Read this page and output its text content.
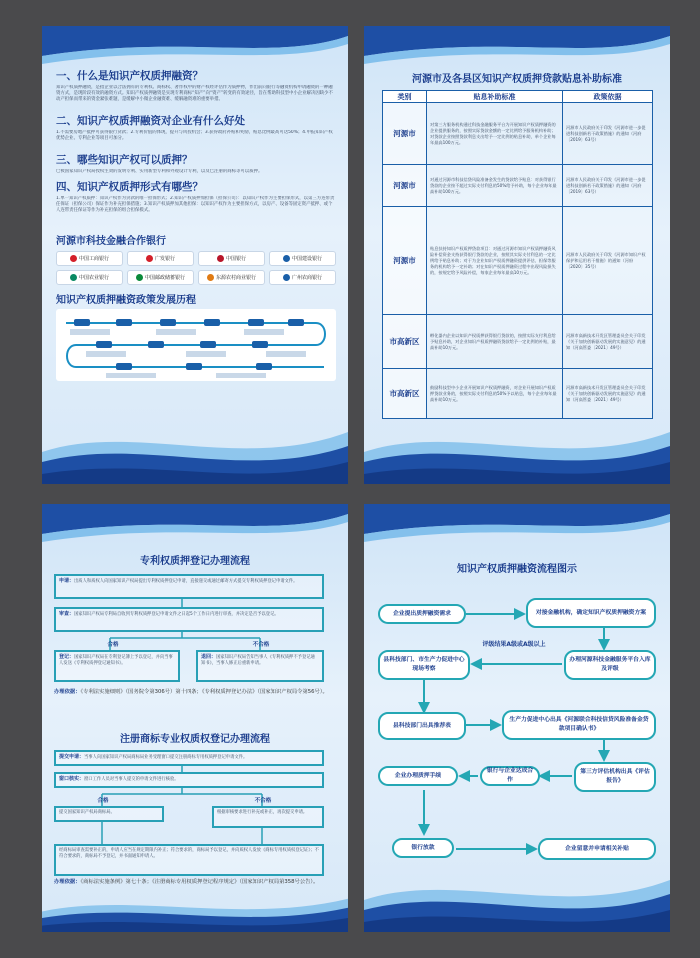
一、什么是知识产权质押融资？
知识产权质押融资，是指企业以合法拥有的专利权、商标权、著作权中的财产权经评估作为质押物，作出前向银行等融资机构申请融资的一种融资方式，是现阶段有效的融资方式。知识产权质押融资是实现专利商标“知产”向“资产”转变的有效途径，旨在帮助科技型中小企业解决因缺少不动产担保而带来的资金紧张难题，是缓解中小微企业融资难、缓解融资难的重要举措。
二、知识产权质押融资对企业有什么好处
1.不需要房地产抵押可获得银行贷款；2.专利价值的体现，提升与风投机会；3.获得政府补贴和奖励，贴息比例最高可达50%；4.申报知识产权优势企业、专利企业等项目可加分。
三、哪些知识产权可以质押？
已被国家知识产权局授权生效的发明专利、实用新型专利和外观设计专利，以及已注册的商标等可以质押。
四、知识产权质押形式有哪些？
1.单一知识产权质押：知识产权作为贷款的唯一担保形式；2.知识产权质押加担保（担保公司）：以知识产权作为主要担保形式，以第三方连带责任保证（担保公司）保证作为补充担保措施；3.知识产权质押加其他担保：以知识产权作为主要担保方式，以房产、设备等固定资产抵押、或个人连带责任保证等作为补充担保的组合担保模式。
河源市科技金融合作银行
中国工商银行	广发银行	中国银行	中国建设银行
中国农业银行	中国邮政储蓄银行	东源农村商业银行	广州农商银行
知识产权质押融资政策发展历程
河源市及各县区知识产权质押贷款贴息补助标准
类别	贴息补助标准	政策依据
河源市	对第三方服务机构通过科技金融服务平台为开展知识产权质押融资的企业提供服务的，按照实际贷款金额的一定比例给予服务机构补助；对贷款企业按照贷款利息支出给予一定比例的贴息补助，单个企业每年最高100万元。	河源市人民政府关于印发《河源市进一步促进科技创新若干政策措施》的通知（河府〔2019〕63号）
河源市	对通过河源市科技信贷风险准备金发生的贷款给予贴息：对获得银行贷款的企业按不超过实际支付利息的50%给予补助，每个企业每年最高补助100万元。	河源市人民政府关于印发《河源市进一步促进科技创新若干政策措施》的通知（河府〔2019〕63号）
河源市	贴息扶持知识产权质押贷款项目：对通过河源市知识产权质押融资风险补偿资金支持获得银行贷款的企业，按照其实际支付利息的一定比例给予贴息补助；对于为企业知识产权质押融资提供评估、担保等服务的机构给予一定补助；对在知识产权质押融资过程中出现风险损失的，按规定给予风险补偿，每家企业每年最高10万元。	河源市人民政府关于印发《河源市知识产权保护和运用若干措施》的通知（河府〔2020〕35号）
市高新区	孵化器内企业以知识产权质押获得银行贷款的，按照实际支付利息给予贴息补助，对企业知识产权质押融资贷款给予一定比例的补贴，最高补助10万元。	河源市高新技术开发区管理委员会关于印发《关于加快创新驱动发展的实施意见》的通知（河高管委〔2021〕49号）
市高新区	鼓励科技型中小企业开展知识产权质押融资，对企业开展知识产权质押贷款业务的，按照实际支付利息的50%予以贴息，每个企业每年最高补助10万元。	河源市高新技术开发区管理委员会关于印发《关于加快创新驱动发展的实施意见》的通知（河高管委〔2021〕49号）
专利权质押登记办理流程
申请：出质人和质权人向国家知识产权局提出专利权质押登记申请，直接递交或通过邮寄方式提交专利权质押登记申请文件。
审查：国家知识产权局专利局自收到专利权质押登记申请文件之日起5个工作日内进行审查，并决定是否予以登记。
合格	不合格
登记：国家知识产权局在专利登记簿上予以登记，并向当事人发送《专利权质押登记通知书》。
退回：国家知识产权局告知当事人《专利权质押不予登记通知书》，当事人修正后重新申请。
办理依据：《专利法实施细则》（国务院令第306号）第十四条；《专利权质押登记办法》（国家知识产权局令第56号）。
注册商标专业权质权登记办理流程
提交申请：当事人向国家知识产权局商标局业务受理窗口提交注册商标专用权质押登记申请文件。
窗口核实：窗口工作人员对当事人提交的申请文件进行核验。
合格	不合格
提交国家知识产权局商标局。	根据审核要求进行补充或补正，再次提交申请。
经商标局审查需要补正的，申请人应当在规定期限内补正；符合要求的，商标局予以登记，并向质权人发放《商标专用权质权登记证》；不符合要求的，商标局不予登记，并书面通知申请人。
办理依据：《商标法实施条例》第七十条；《注册商标专用权质押登记程序规定》（国家知识产权局第358号公告）。
知识产权质押融资流程图示
企业提出质押融资需求	对接金融机构，确定知识产权质押融资方案
评级结果A级或A级以上
办理河源科技金融服务平台入库及评级
县科技部门、市生产力促进中心现场考察
县科技部门出具推荐表
生产力促进中心出具《河源联合科技信贷风险准备金贷款项目确认书》
第三方评估机构出具《评估报告》
银行与企业达成合作
企业办理质押手续
银行放款	企业留意并申请相关补贴
